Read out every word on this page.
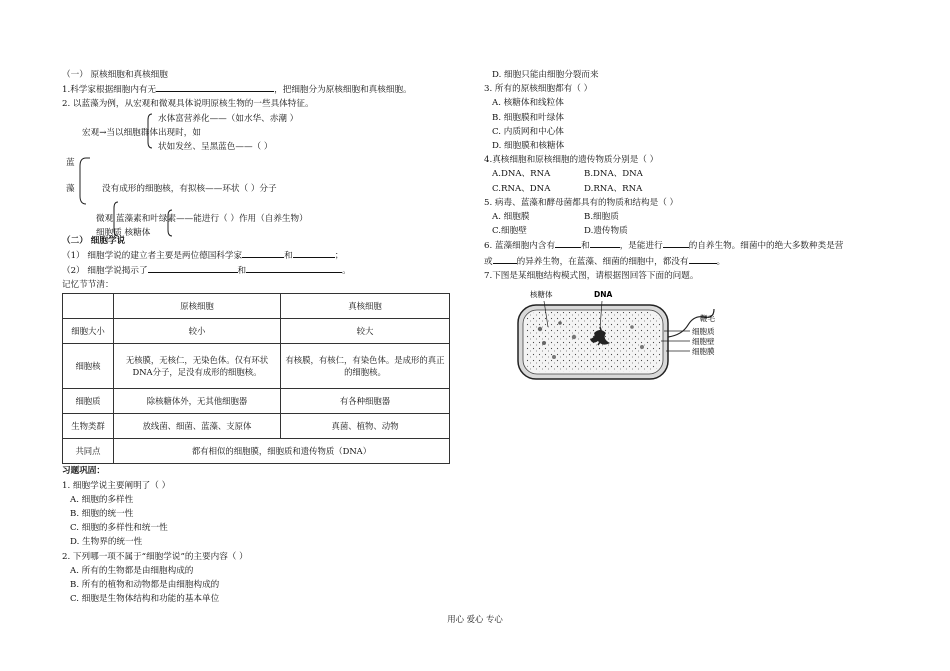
（一） 原核细胞和真核细胞
1.科学家根据细胞内有无	，把细胞分为原核细胞和真核细胞。
2. 以蓝藻为例，从宏观和微观具体说明原核生物的一些具体特征。
水体富营养化——（如水华、赤潮 ）
宏观→当以细胞群体出现时，如
状如发丝、呈黑蓝色——（ ）
蓝
藻	没有成形的细胞核，有拟核——环状（ ）分子
微观 蓝藻素和叶绿素——能进行（ ）作用（自养生物）
细胞质 核糖体
（二） 细胞学说
（1） 细胞学说的建立者主要是两位德国科学家	和	；
（2） 细胞学说揭示了	和	。
记忆节节清：
	原核细胞	真核细胞
细胞大小	较小	较大
细胞核	无核膜，无核仁，无染色体。仅有环状DNA分子，足没有成形的细胞核。	有核膜，有核仁，有染色体。是成形的真正的细胞核。
细胞质	除核糖体外，无其他细胞器	有各种细胞器
生物类群	放线菌、细菌、蓝藻、支原体	真菌、植物、动物
共同点	都有相似的细胞膜，细胞质和遗传物质（DNA）	
习题巩固：
1. 细胞学说主要阐明了（ ）
A. 细胞的多样性
B. 细胞的统一性
C. 细胞的多样性和统一性
D. 生物界的统一性
2. 下列哪一项不属于“细胞学说”的主要内容（ ）
A. 所有的生物都是由细胞构成的
B. 所有的植物和动物都是由细胞构成的
C. 细胞是生物体结构和功能的基本单位
D. 细胞只能由细胞分裂而来
3. 所有的原核细胞都有（ ）
A. 核糖体和线粒体
B. 细胞膜和叶绿体
C. 内质网和中心体
D. 细胞膜和核糖体
4.真核细胞和原核细胞的遗传物质分别是（ ）
A.DNA、RNA	B.DNA、DNA
C.RNA、DNA	D.RNA、RNA
5. 病毒、蓝藻和酵母菌都具有的物质和结构是（ ）
A. 细胞膜	B.细胞质
C.细胞壁	D.遗传物质
6. 蓝藻细胞内含有	和	，是能进行	的自养生物。细菌中的绝大多数种类是营
或	的异养生物，在蓝藻、细菌的细胞中，都没有	。
7.下图是某细胞结构模式图，请根据图回答下面的问题。
核糖体	DNA
鞭毛
细胞质
细胞壁
细胞膜
用心 爱心 专心
